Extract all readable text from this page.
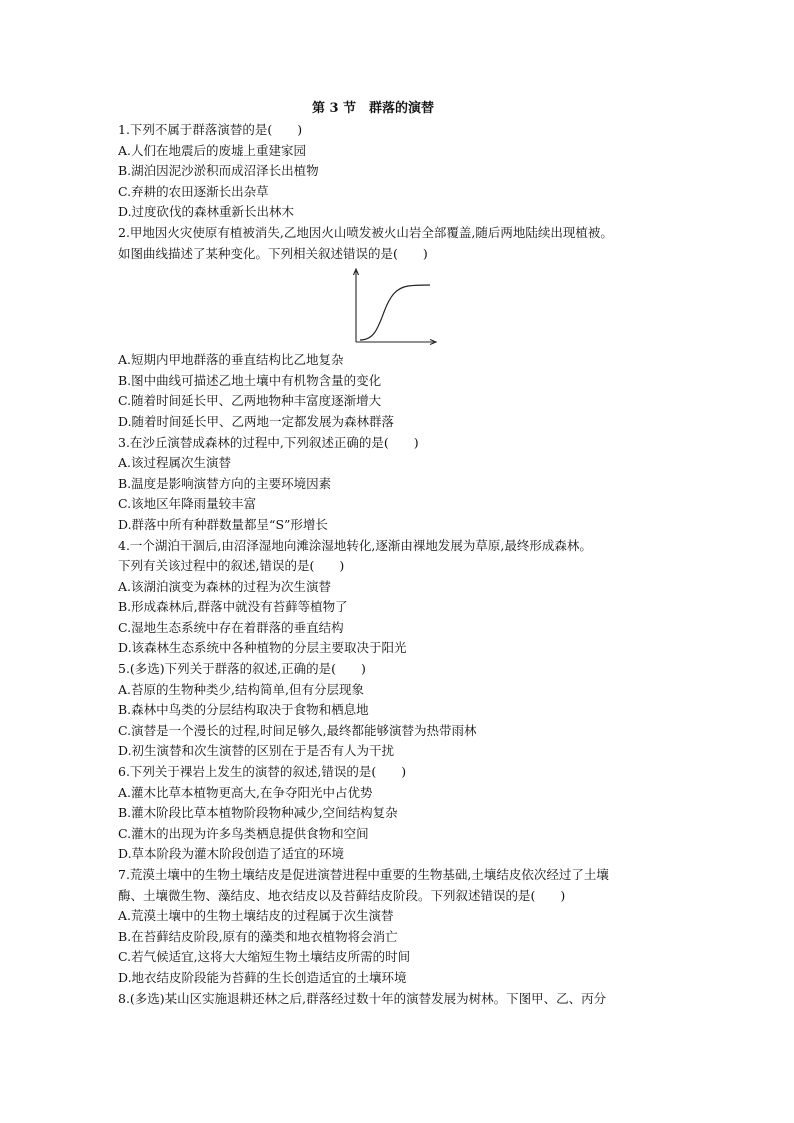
第 3 节　群落的演替
1.下列不属于群落演替的是(　　)
A.人们在地震后的废墟上重建家园
B.湖泊因泥沙淤积而成沼泽长出植物
C.弃耕的农田逐渐长出杂草
D.过度砍伐的森林重新长出林木
2.甲地因火灾使原有植被消失,乙地因火山喷发被火山岩全部覆盖,随后两地陆续出现植被。
如图曲线描述了某种变化。下列相关叙述错误的是(　　)
A.短期内甲地群落的垂直结构比乙地复杂
B.图中曲线可描述乙地土壤中有机物含量的变化
C.随着时间延长甲、乙两地物种丰富度逐渐增大
D.随着时间延长甲、乙两地一定都发展为森林群落
3.在沙丘演替成森林的过程中,下列叙述正确的是(　　)
A.该过程属次生演替
B.温度是影响演替方向的主要环境因素
C.该地区年降雨量较丰富
D.群落中所有种群数量都呈“S”形增长
4.一个湖泊干涸后,由沼泽湿地向滩涂湿地转化,逐渐由裸地发展为草原,最终形成森林。
下列有关该过程中的叙述,错误的是(　　)
A.该湖泊演变为森林的过程为次生演替
B.形成森林后,群落中就没有苔藓等植物了
C.湿地生态系统中存在着群落的垂直结构
D.该森林生态系统中各种植物的分层主要取决于阳光
5.(多选)下列关于群落的叙述,正确的是(　　)
A.苔原的生物种类少,结构简单,但有分层现象
B.森林中鸟类的分层结构取决于食物和栖息地
C.演替是一个漫长的过程,时间足够久,最终都能够演替为热带雨林
D.初生演替和次生演替的区别在于是否有人为干扰
6.下列关于裸岩上发生的演替的叙述,错误的是(　　)
A.灌木比草本植物更高大,在争夺阳光中占优势
B.灌木阶段比草本植物阶段物种减少,空间结构复杂
C.灌木的出现为许多鸟类栖息提供食物和空间
D.草本阶段为灌木阶段创造了适宜的环境
7.荒漠土壤中的生物土壤结皮是促进演替进程中重要的生物基础,土壤结皮依次经过了土壤
酶、土壤微生物、藻结皮、地衣结皮以及苔藓结皮阶段。下列叙述错误的是(　　)
A.荒漠土壤中的生物土壤结皮的过程属于次生演替
B.在苔藓结皮阶段,原有的藻类和地衣植物将会消亡
C.若气候适宜,这将大大缩短生物土壤结皮所需的时间
D.地衣结皮阶段能为苔藓的生长创造适宜的土壤环境
8.(多选)某山区实施退耕还林之后,群落经过数十年的演替发展为树林。下图甲、乙、丙分
